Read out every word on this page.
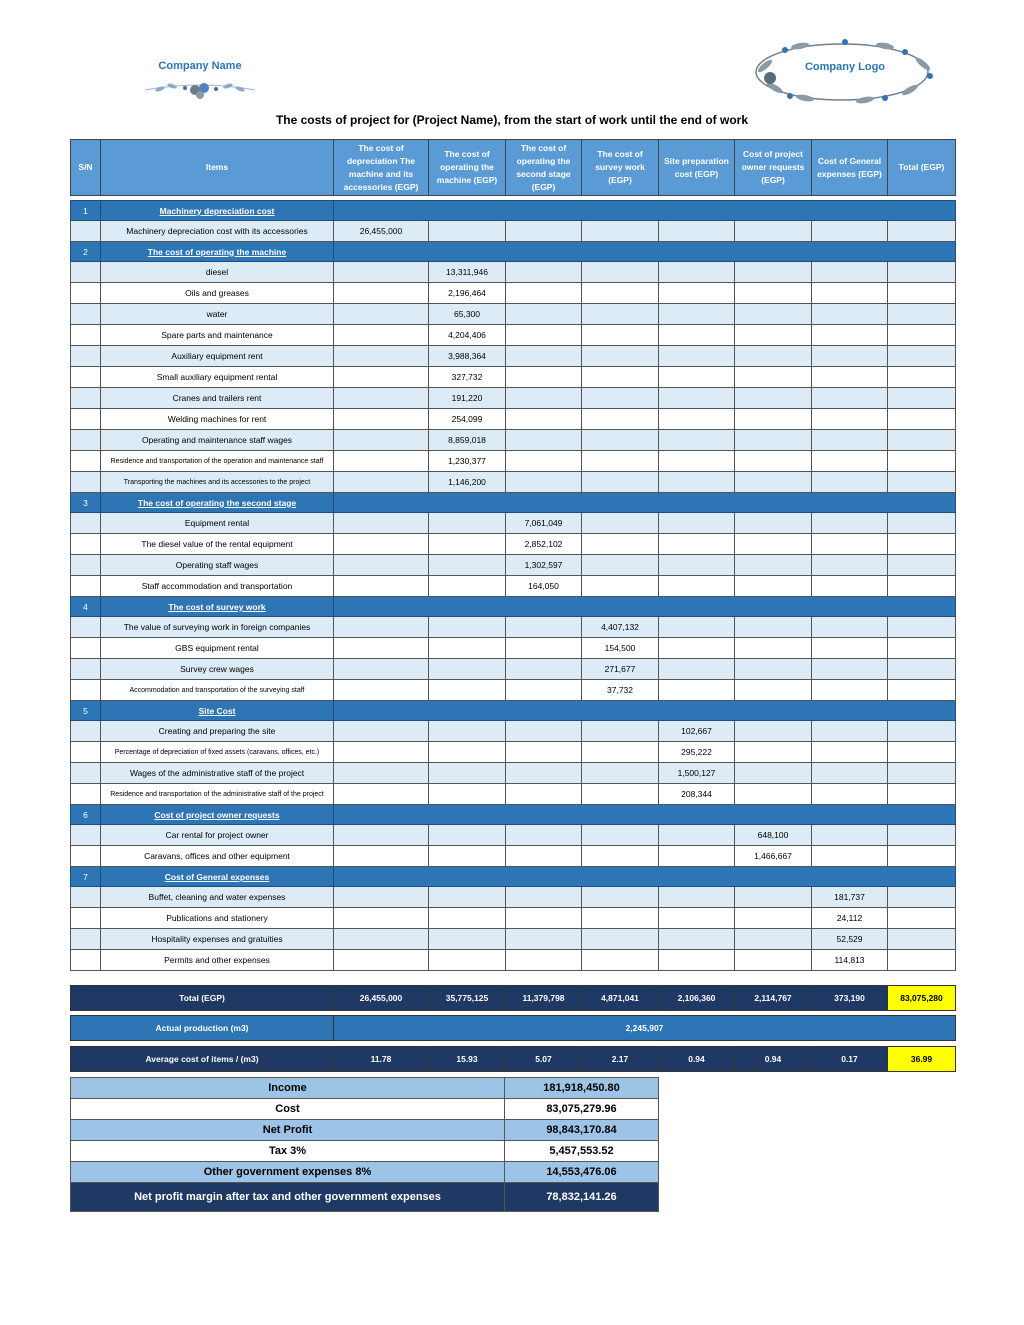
Company Name	Company Logo
The costs of project for (Project Name), from the start of work until the end of work
S/N	Items	The cost of depreciation The machine and its accessories (EGP)	The cost of operating the machine (EGP)	The cost of operating the second stage (EGP)	The cost of survey work (EGP)	Site preparation cost (EGP)	Cost of project owner requests (EGP)	Cost of General expenses (EGP)	Total (EGP)

1	Machinery depreciation cost								
	Machinery depreciation cost with its accessories	26,455,000							
2	The cost of operating the machine								
	diesel		13,311,946						
	Oils and greases		2,196,464						
	water		65,300						
	Spare parts and maintenance		4,204,406						
	Auxiliary equipment rent		3,988,364						
	Small auxiliary equipment rental		327,732						
	Cranes and trailers rent		191,220						
	Welding machines for rent		254,099						
	Operating and maintenance staff wages		8,859,018						
	Residence and transportation of the operation and maintenance staff		1,230,377						
	Transporting the machines and its accessories to the project		1,146,200						
3	The cost of operating the second stage								
	Equipment rental			7,061,049					
	The diesel value of the rental equipment			2,852,102					
	Operating staff wages			1,302,597					
	Staff accommodation and transportation			164,050					
4	The cost of survey work								
	The value of surveying work in foreign companies				4,407,132				
	GBS equipment rental				154,500				
	Survey crew wages				271,677				
	Accommodation and transportation of the surveying staff				37,732				
5	Site Cost								
	Creating and preparing the site					102,667			
	Percentage of depreciation of fixed assets (caravans, offices, etc.)					295,222			
	Wages of the administrative staff of the project					1,500,127			
	Residence and transportation of the administrative staff of the project					208,344			
6	Cost of project owner requests								
	Car rental for project owner						648,100		
	Caravans, offices and other equipment						1,466,667		
7	Cost of General expenses								
	Buffet, cleaning and water expenses							181,737	
	Publications and stationery							24,112	
	Hospitality expenses and gratuities							52,529	
	Permits and other expenses							114,813	
Total (EGP)	26,455,000	35,775,125	11,379,798	4,871,041	2,106,360	2,114,767	373,190	83,075,280
Actual production (m3)	2,245,907
Average cost of items / (m3)	11.78	15.93	5.07	2.17	0.94	0.94	0.17	36.99
Income	181,918,450.80
Cost	83,075,279.96
Net Profit	98,843,170.84
Tax 3%	5,457,553.52
Other government expenses 8%	14,553,476.06
Net profit margin after tax and other government expenses	78,832,141.26
